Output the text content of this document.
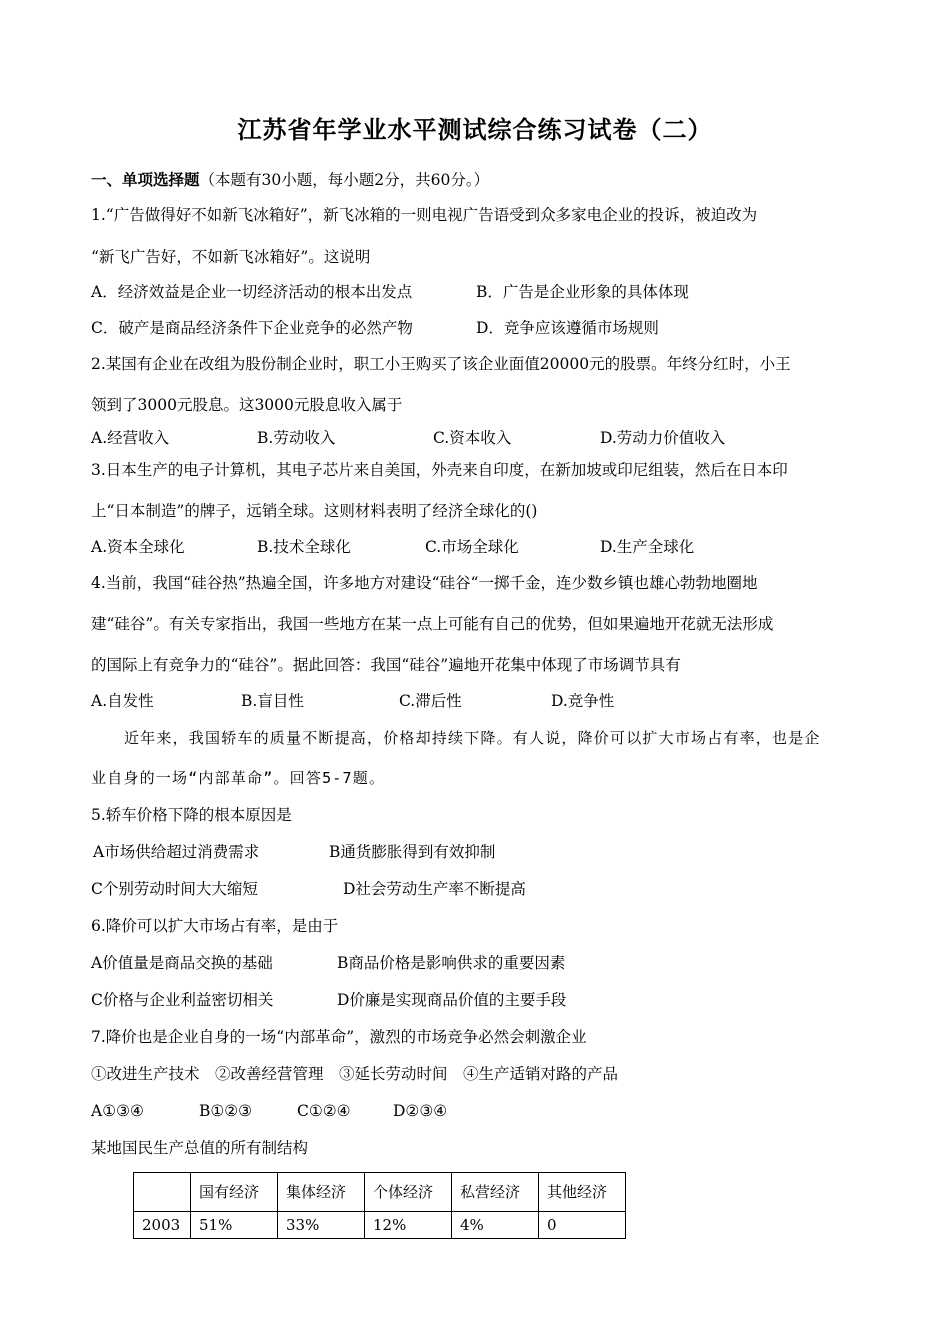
江苏省年学业水平测试综合练习试卷（二）
一、单项选择题（本题有30小题，每小题2分，共60分。）
1.“广告做得好不如新飞冰箱好”，新飞冰箱的一则电视广告语受到众多家电企业的投诉，被迫改为
“新飞广告好，不如新飞冰箱好”。这说明
A．经济效益是企业一切经济活动的根本出发点	B．广告是企业形象的具体体现
C．破产是商品经济条件下企业竞争的必然产物	D．竞争应该遵循市场规则
2.某国有企业在改组为股份制企业时，职工小王购买了该企业面值20000元的股票。年终分红时，小王
领到了3000元股息。这3000元股息收入属于
A.经营收入	B.劳动收入	C.资本收入	D.劳动力价值收入
3.日本生产的电子计算机，其电子芯片来自美国，外壳来自印度，在新加坡或印尼组装，然后在日本印
上“日本制造”的牌子，远销全球。这则材料表明了经济全球化的()
A.资本全球化	B.技术全球化	C.市场全球化	D.生产全球化
4.当前，我国“硅谷热”热遍全国，许多地方对建设“硅谷“一掷千金，连少数乡镇也雄心勃勃地圈地
建“硅谷”。有关专家指出，我国一些地方在某一点上可能有自己的优势，但如果遍地开花就无法形成
的国际上有竞争力的“硅谷”。据此回答：我国“硅谷”遍地开花集中体现了市场调节具有
A.自发性	B.盲目性	C.滞后性	D.竞争性
近年来，我国轿车的质量不断提高，价格却持续下降。有人说，降价可以扩大市场占有率，也是企
业自身的一场“内部革命”。回答5-7题。
5.轿车价格下降的根本原因是
A市场供给超过消费需求	B通货膨胀得到有效抑制
C个别劳动时间大大缩短	D社会劳动生产率不断提高
6.降价可以扩大市场占有率，是由于
A价值量是商品交换的基础	B商品价格是影响供求的重要因素
C价格与企业利益密切相关	D价廉是实现商品价值的主要手段
7.降价也是企业自身的一场“内部革命”，激烈的市场竞争必然会刺激企业
①改进生产技术　②改善经营管理　③延长劳动时间　④生产适销对路的产品
A①③④	B①②③	C①②④	D②③④
某地国民生产总值的所有制结构
	国有经济	集体经济	个体经济	私营经济	其他经济
2003	51%	33%	12%	4%	0
